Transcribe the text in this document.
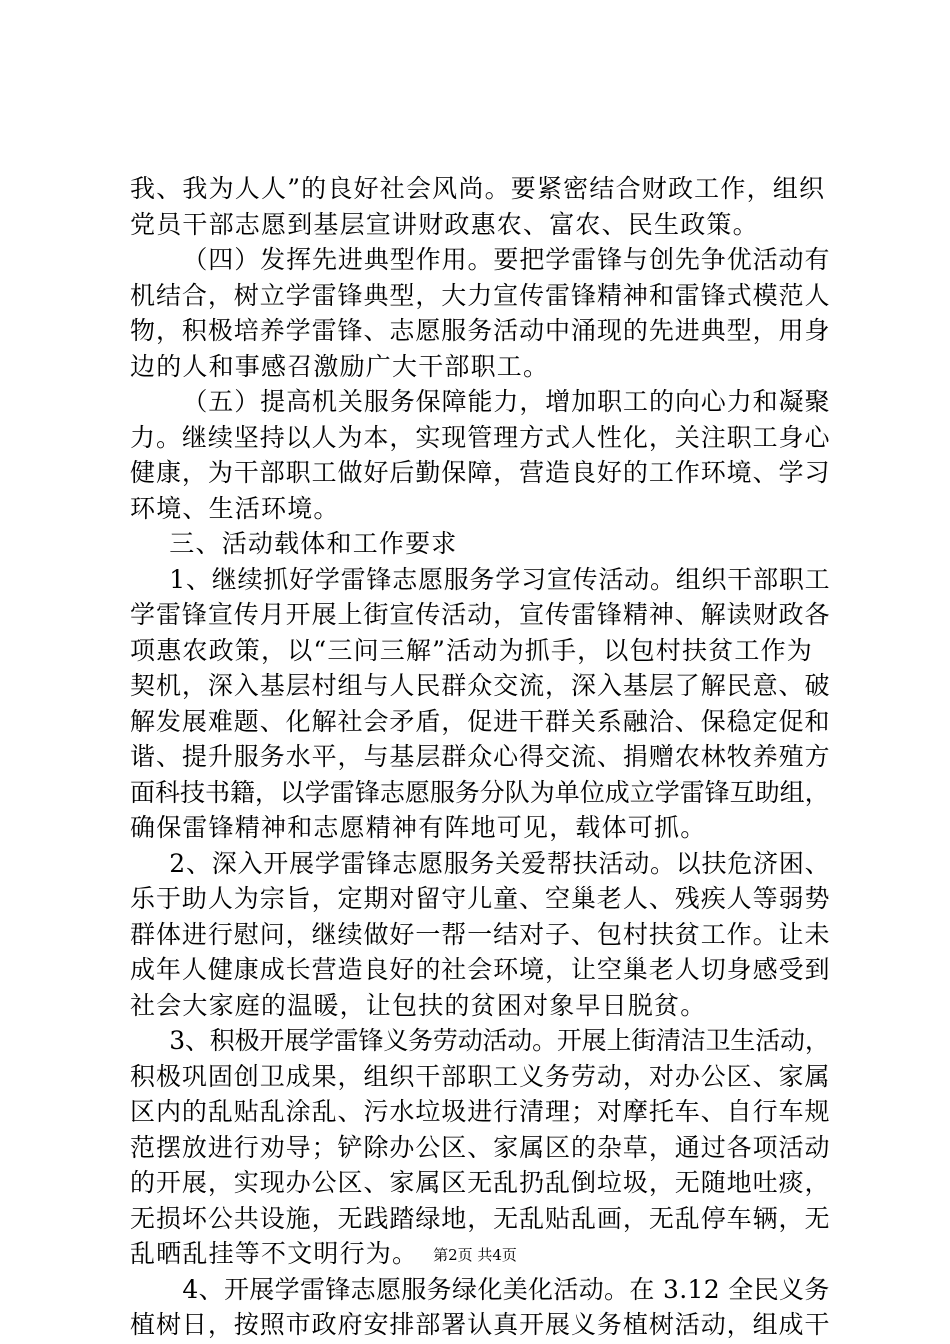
我、我为人人”的良好社会风尚。要紧密结合财政工作，组织
党员干部志愿到基层宣讲财政惠农、富农、民生政策。
（四）发挥先进典型作用。要把学雷锋与创先争优活动有
机结合，树立学雷锋典型，大力宣传雷锋精神和雷锋式模范人
物，积极培养学雷锋、志愿服务活动中涌现的先进典型，用身
边的人和事感召激励广大干部职工。
（五）提高机关服务保障能力，增加职工的向心力和凝聚
力。继续坚持以人为本，实现管理方式人性化，关注职工身心
健康，为干部职工做好后勤保障，营造良好的工作环境、学习
环境、生活环境。
三、活动载体和工作要求
1、继续抓好学雷锋志愿服务学习宣传活动。组织干部职工
学雷锋宣传月开展上街宣传活动，宣传雷锋精神、解读财政各
项惠农政策，以“三问三解”活动为抓手，以包村扶贫工作为
契机，深入基层村组与人民群众交流，深入基层了解民意、破
解发展难题、化解社会矛盾，促进干群关系融洽、保稳定促和
谐、提升服务水平，与基层群众心得交流、捐赠农林牧养殖方
面科技书籍，以学雷锋志愿服务分队为单位成立学雷锋互助组，
确保雷锋精神和志愿精神有阵地可见，载体可抓。
2、深入开展学雷锋志愿服务关爱帮扶活动。以扶危济困、
乐于助人为宗旨，定期对留守儿童、空巢老人、残疾人等弱势
群体进行慰问，继续做好一帮一结对子、包村扶贫工作。让未
成年人健康成长营造良好的社会环境，让空巢老人切身感受到
社会大家庭的温暖，让包扶的贫困对象早日脱贫。
3、积极开展学雷锋义务劳动活动。开展上街清洁卫生活动，
积极巩固创卫成果，组织干部职工义务劳动，对办公区、家属
区内的乱贴乱涂乱、污水垃圾进行清理；对摩托车、自行车规
范摆放进行劝导；铲除办公区、家属区的杂草，通过各项活动
的开展，实现办公区、家属区无乱扔乱倒垃圾，无随地吐痰，
无损坏公共设施，无践踏绿地，无乱贴乱画，无乱停车辆，无
乱晒乱挂等不文明行为。
4、开展学雷锋志愿服务绿化美化活动。在 3.12 全民义务
植树日，按照市政府安排部署认真开展义务植树活动，组成干
第2页 共4页
